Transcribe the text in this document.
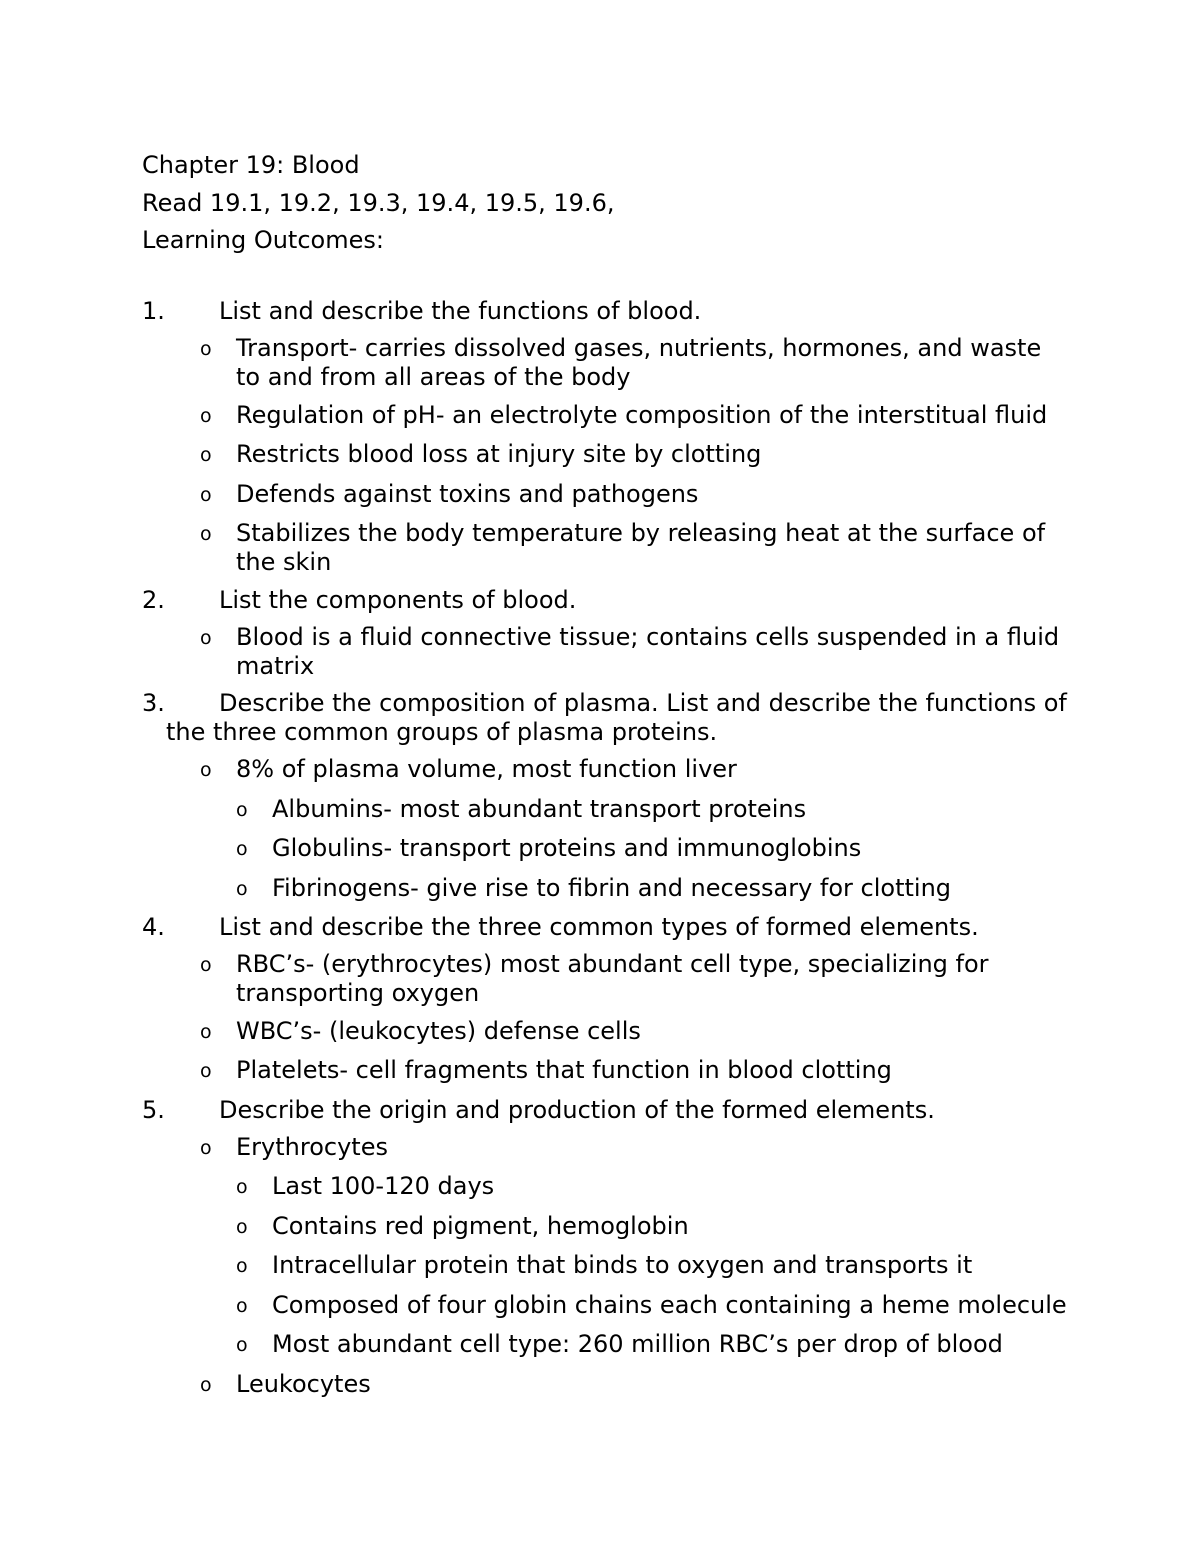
Chapter 19: Blood
Read 19.1, 19.2, 19.3, 19.4, 19.5, 19.6,
Learning Outcomes:
1.	List and describe the functions of blood.
o	Transport- carries dissolved gases, nutrients, hormones, and waste to and from all areas of the body
o	Regulation of pH- an electrolyte composition of the interstitual fluid
o	Restricts blood loss at injury site by clotting
o	Defends against toxins and pathogens
o	Stabilizes the body temperature by releasing heat at the surface of the skin
2.	List the components of blood.
o	Blood is a fluid connective tissue; contains cells suspended in a fluid matrix
3. Describe the composition of plasma. List and describe the functions of the three common groups of plasma proteins.
o	8% of plasma volume, most function liver
o	Albumins- most abundant transport proteins
o	Globulins- transport proteins and immunoglobins
o	Fibrinogens- give rise to fibrin and necessary for clotting
4.	List and describe the three common types of formed elements.
o	RBC’s- (erythrocytes) most abundant cell type, specializing for transporting oxygen
o	WBC’s- (leukocytes) defense cells
o	Platelets- cell fragments that function in blood clotting
5.	Describe the origin and production of the formed elements.
o	Erythrocytes
o	Last 100-120 days
o	Contains red pigment, hemoglobin
o	Intracellular protein that binds to oxygen and transports it
o	Composed of four globin chains each containing a heme molecule
o	Most abundant cell type: 260 million RBC’s per drop of blood
o	Leukocytes
